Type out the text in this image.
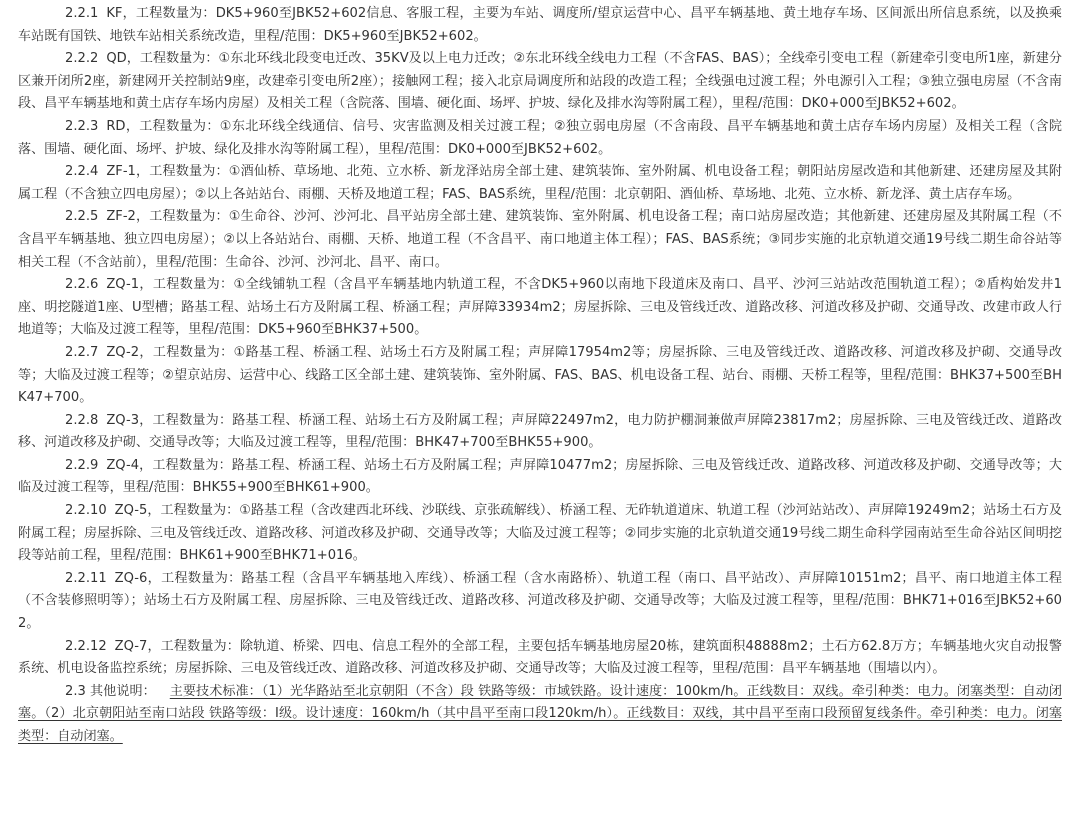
2.2.1 KF，工程数量为：DK5+960至JBK52+602信息、客服工程，主要为车站、调度所/望京运营中心、昌平车辆基地、黄土地存车场、区间派出所信息系统，以及换乘车站既有国铁、地铁车站相关系统改造，里程/范围：DK5+960至JBK52+602。

2.2.2 QD，工程数量为：①东北环线北段变电迁改、35KV及以上电力迁改；②东北环线全线电力工程（不含FAS、BAS）；全线牵引变电工程（新建牵引变电所1座，新建分区兼开闭所2座，新建网开关控制站9座，改建牵引变电所2座）；接触网工程；接入北京局调度所和站段的改造工程；全线强电过渡工程；外电源引入工程；③独立强电房屋（不含南段、昌平车辆基地和黄土店存车场内房屋）及相关工程（含院落、围墙、硬化面、场坪、护坡、绿化及排水沟等附属工程），里程/范围：DK0+000至JBK52+602。

2.2.3 RD，工程数量为：①东北环线全线通信、信号、灾害监测及相关过渡工程；②独立弱电房屋（不含南段、昌平车辆基地和黄土店存车场内房屋）及相关工程（含院落、围墙、硬化面、场坪、护坡、绿化及排水沟等附属工程），里程/范围：DK0+000至JBK52+602。

2.2.4 ZF-1，工程数量为：①酒仙桥、草场地、北苑、立水桥、新龙泽站房全部土建、建筑装饰、室外附属、机电设备工程；朝阳站房屋改造和其他新建、还建房屋及其附属工程（不含独立四电房屋）；②以上各站站台、雨棚、天桥及地道工程；FAS、BAS系统，里程/范围：北京朝阳、酒仙桥、草场地、北苑、立水桥、新龙泽、黄土店存车场。

2.2.5 ZF-2，工程数量为：①生命谷、沙河、沙河北、昌平站房全部土建、建筑装饰、室外附属、机电设备工程；南口站房屋改造；其他新建、还建房屋及其附属工程（不含昌平车辆基地、独立四电房屋）；②以上各站站台、雨棚、天桥、地道工程（不含昌平、南口地道主体工程）；FAS、BAS系统；③同步实施的北京轨道交通19号线二期生命谷站等相关工程（不含站前），里程/范围：生命谷、沙河、沙河北、昌平、南口。

2.2.6 ZQ-1，工程数量为：①全线铺轨工程（含昌平车辆基地内轨道工程，不含DK5+960以南地下段道床及南口、昌平、沙河三站站改范围轨道工程）；②盾构始发井1座、明挖隧道1座、U型槽；路基工程、站场土石方及附属工程、桥涵工程；声屏障33934m2；房屋拆除、三电及管线迁改、道路改移、河道改移及护砌、交通导改、改建市政人行地道等；大临及过渡工程等，里程/范围：DK5+960至BHK37+500。

2.2.7 ZQ-2，工程数量为：①路基工程、桥涵工程、站场土石方及附属工程；声屏障17954m2等；房屋拆除、三电及管线迁改、道路改移、河道改移及护砌、交通导改等；大临及过渡工程等；②望京站房、运营中心、线路工区全部土建、建筑装饰、室外附属、FAS、BAS、机电设备工程、站台、雨棚、天桥工程等，里程/范围：BHK37+500至BHK47+700。

2.2.8 ZQ-3，工程数量为：路基工程、桥涵工程、站场土石方及附属工程；声屏障22497m2，电力防护棚洞兼做声屏障23817m2；房屋拆除、三电及管线迁改、道路改移、河道改移及护砌、交通导改等；大临及过渡工程等，里程/范围：BHK47+700至BHK55+900。

2.2.9 ZQ-4，工程数量为：路基工程、桥涵工程、站场土石方及附属工程；声屏障10477m2；房屋拆除、三电及管线迁改、道路改移、河道改移及护砌、交通导改等；大临及过渡工程等，里程/范围：BHK55+900至BHK61+900。

2.2.10 ZQ-5，工程数量为：①路基工程（含改建西北环线、沙联线、京张疏解线）、桥涵工程、无砟轨道道床、轨道工程（沙河站站改）、声屏障19249m2；站场土石方及附属工程；房屋拆除、三电及管线迁改、道路改移、河道改移及护砌、交通导改等；大临及过渡工程等；②同步实施的北京轨道交通19号线二期生命科学园南站至生命谷站区间明挖段等站前工程，里程/范围：BHK61+900至BHK71+016。

2.2.11 ZQ-6，工程数量为：路基工程（含昌平车辆基地入库线）、桥涵工程（含水南路桥）、轨道工程（南口、昌平站改）、声屏障10151m2；昌平、南口地道主体工程（不含装修照明等）；站场土石方及附属工程、房屋拆除、三电及管线迁改、道路改移、河道改移及护砌、交通导改等；大临及过渡工程等，里程/范围：BHK71+016至JBK52+602。

2.2.12 ZQ-7，工程数量为：除轨道、桥梁、四电、信息工程外的全部工程，主要包括车辆基地房屋20栋，建筑面积48888m2；土石方62.8万方；车辆基地火灾自动报警系统、机电设备监控系统；房屋拆除、三电及管线迁改、道路改移、河道改移及护砌、交通导改等；大临及过渡工程等，里程/范围：昌平车辆基地（围墙以内）。

2.3 其他说明： 主要技术标准：（1）光华路站至北京朝阳（不含）段 铁路等级：市域铁路。设计速度：100km/h。正线数目：双线。牵引种类：电力。闭塞类型：自动闭塞。（2）北京朝阳站至南口站段 铁路等级：Ⅰ级。设计速度：160km/h（其中昌平至南口段120km/h）。正线数目：双线，其中昌平至南口段预留复线条件。牵引种类：电力。闭塞类型：自动闭塞。
